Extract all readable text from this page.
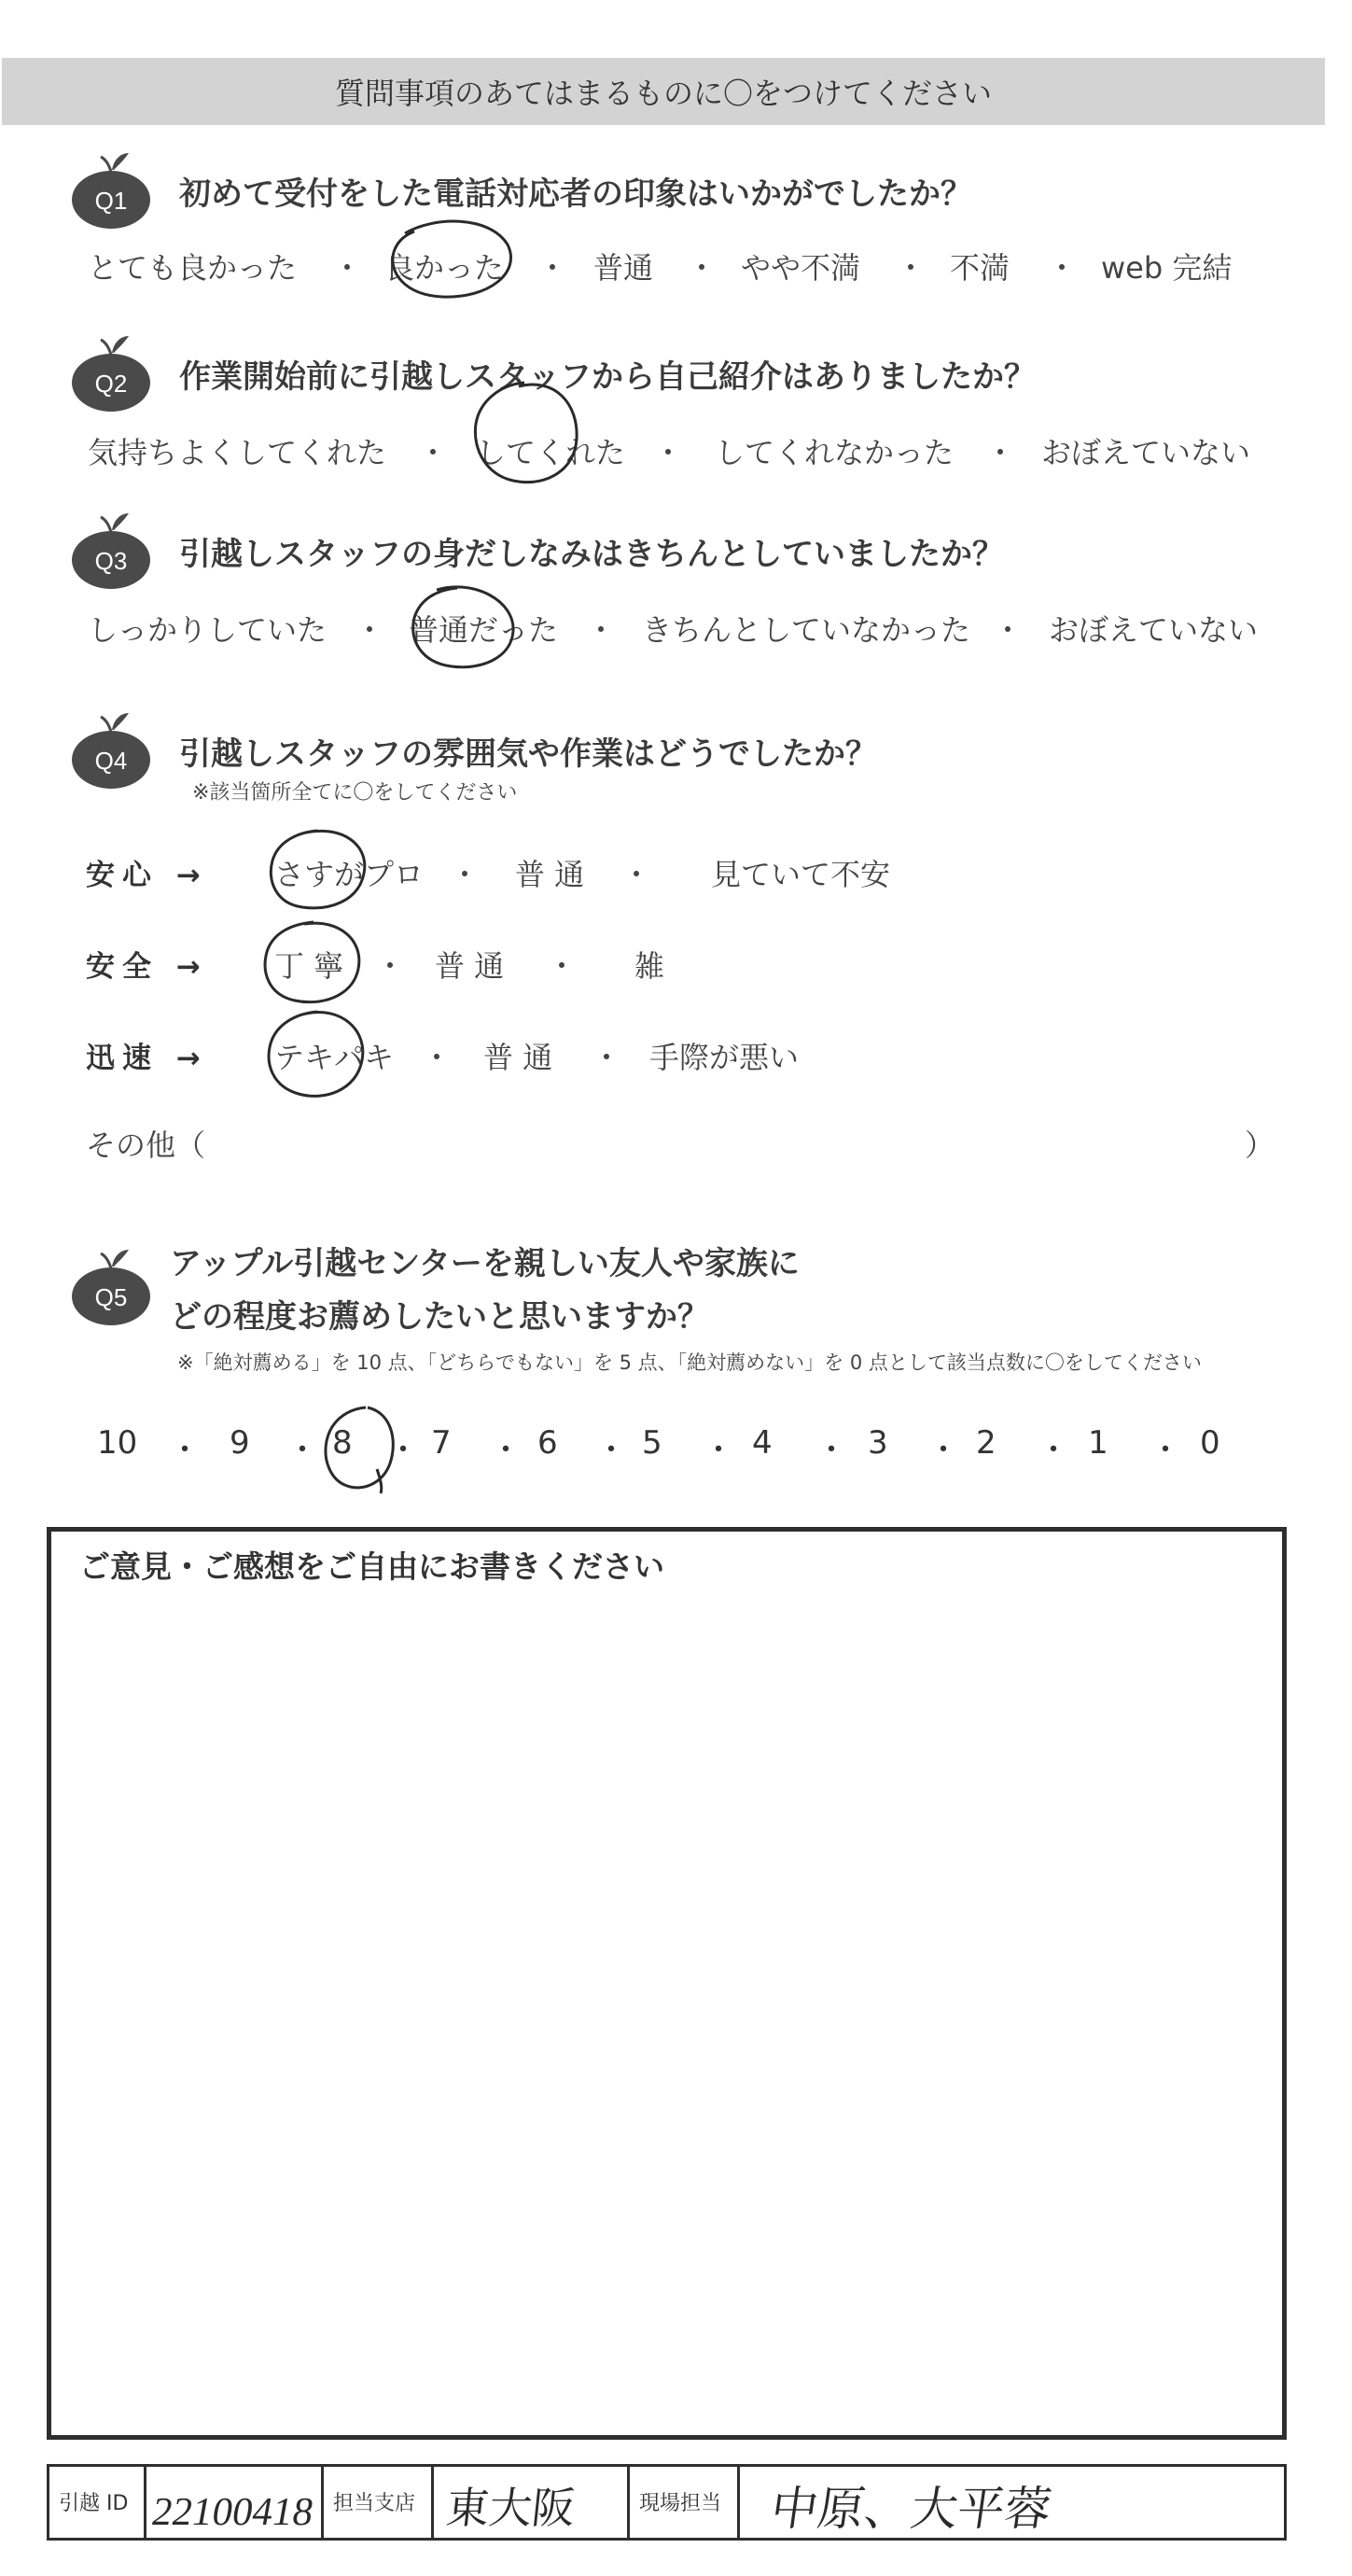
質問事項のあてはまるものに〇をつけてください
Q1 初めて受付をした電話対応者の印象はいかがでしたか？
とても良かった ・ 良かった ・ 普通 ・ やや不満 ・ 不満 ・ web 完結
Q2 作業開始前に引越しスタッフから自己紹介はありましたか？
気持ちよくしてくれた ・ してくれた ・ してくれなかった ・ おぼえていない
Q3 引越しスタッフの身だしなみはきちんとしていましたか？
しっかりしていた ・ 普通だった ・ きちんとしていなかった ・ おぼえていない
Q4 引越しスタッフの雰囲気や作業はどうでしたか？
※該当箇所全てに〇をしてください
安心 → さすがプロ ・ 普 通 ・ 見ていて不安
安全 → 丁 寧 ・ 普 通 ・ 雑
迅速 → テキパキ ・ 普 通 ・ 手際が悪い
その他（	）
Q5
アップル引越センターを親しい友人や家族に
どの程度お薦めしたいと思いますか？
※「絶対薦める」を 10 点、「どちらでもない」を 5 点、「絶対薦めない」を 0 点として該当点数に〇をしてください
10 ・ 9 ・ 8 ・ 7 ・ 6 ・ 5 ・ 4 ・ 3 ・ 2 ・ 1 ・ 0
ご意見・ご感想をご自由にお書きください
引越 ID 22100418 担当支店 東大阪	現場担当 中原、大平蓉
